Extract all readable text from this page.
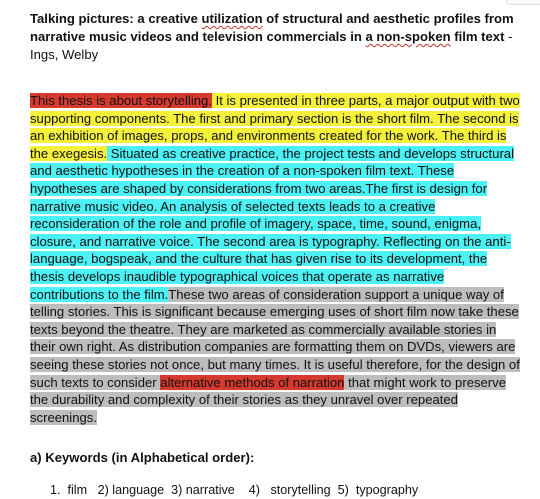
Talking pictures: a creative utilization of structural and aesthetic profiles from narrative music videos and television commercials in a non-spoken film text - Ings, Welby

This thesis is about storytelling. It is presented in three parts, a major output with two supporting components. The first and primary section is the short film. The second is an exhibition of images, props, and environments created for the work. The third is the exegesis. Situated as creative practice, the project tests and develops structural and aesthetic hypotheses in the creation of a non-spoken film text. These hypotheses are shaped by considerations from two areas.The first is design for narrative music video. An analysis of selected texts leads to a creative reconsideration of the role and profile of imagery, space, time, sound, enigma, closure, and narrative voice. The second area is typography. Reflecting on the anti-language, bogspeak, and the culture that has given rise to its development, the thesis develops inaudible typographical voices that operate as narrative contributions to the film.These two areas of consideration support a unique way of telling stories. This is significant because emerging uses of short film now take these texts beyond the theatre. They are marketed as commercially available stories in their own right. As distribution companies are formatting them on DVDs, viewers are seeing these stories not once, but many times. It is useful therefore, for the design of such texts to consider alternative methods of narration that might work to preserve the durability and complexity of their stories as they unravel over repeated screenings.

a) Keywords (in Alphabetical order):

1.  film   2) language  3) narrative    4)   storytelling  5)  typography
